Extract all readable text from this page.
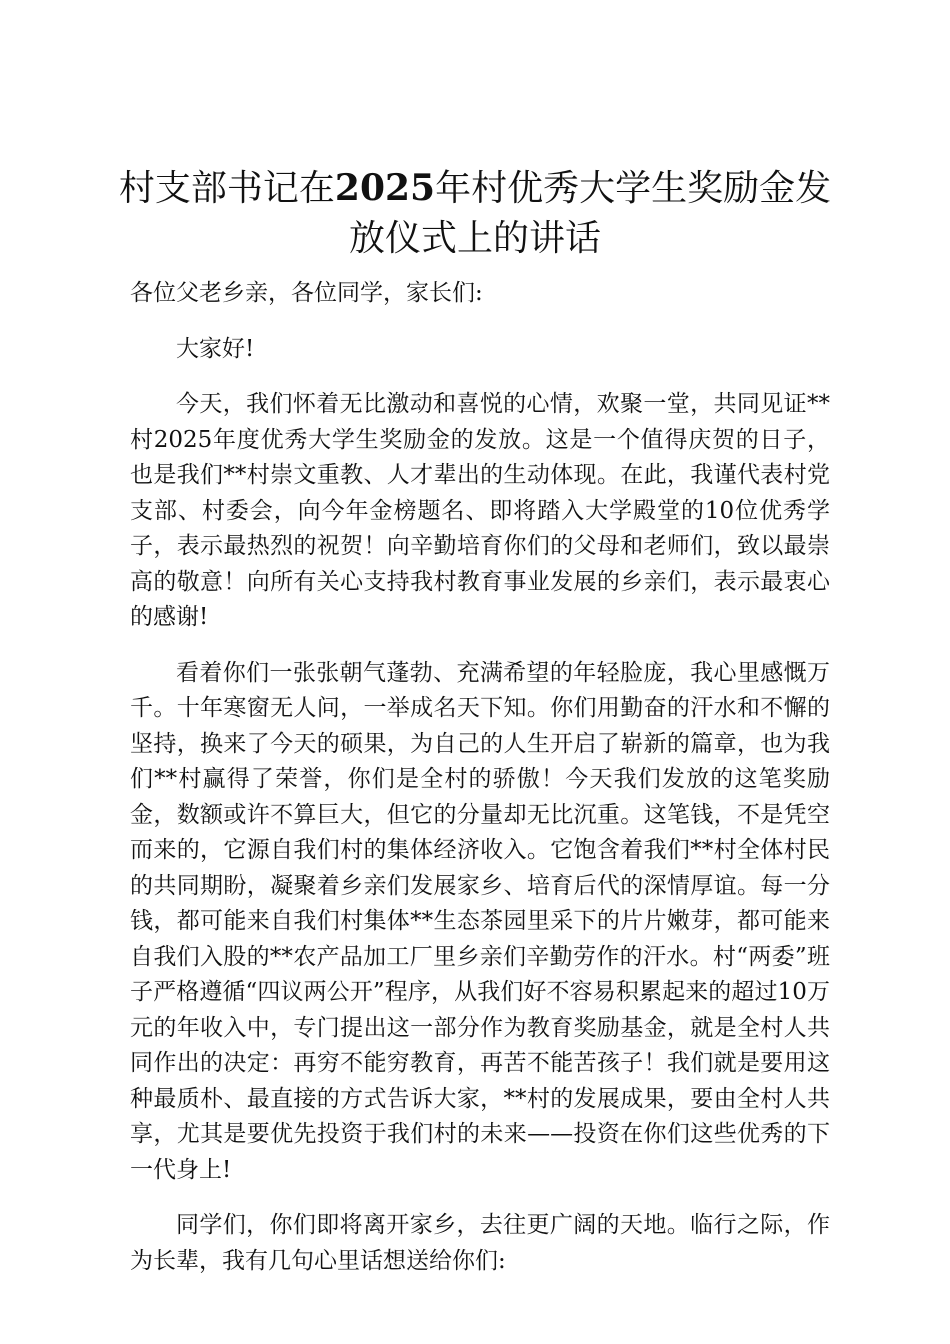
村支部书记在2025年村优秀大学生奖励金发放仪式上的讲话

各位父老乡亲，各位同学，家长们:

大家好!

今天，我们怀着无比激动和喜悦的心情，欢聚一堂，共同见证**村2025年度优秀大学生奖励金的发放。这是一个值得庆贺的日子，也是我们**村崇文重教、人才辈出的生动体现。在此，我谨代表村党支部、村委会，向今年金榜题名、即将踏入大学殿堂的10位优秀学子，表示最热烈的祝贺！向辛勤培育你们的父母和老师们，致以最崇高的敬意！向所有关心支持我村教育事业发展的乡亲们，表示最衷心的感谢!

看着你们一张张朝气蓬勃、充满希望的年轻脸庞，我心里感慨万千。十年寒窗无人问，一举成名天下知。你们用勤奋的汗水和不懈的坚持，换来了今天的硕果，为自己的人生开启了崭新的篇章，也为我们**村赢得了荣誉，你们是全村的骄傲！今天我们发放的这笔奖励金，数额或许不算巨大，但它的分量却无比沉重。这笔钱，不是凭空而来的，它源自我们村的集体经济收入。它饱含着我们**村全体村民的共同期盼，凝聚着乡亲们发展家乡、培育后代的深情厚谊。每一分钱，都可能来自我们村集体**生态茶园里采下的片片嫩芽，都可能来自我们入股的**农产品加工厂里乡亲们辛勤劳作的汗水。村“两委”班子严格遵循“四议两公开”程序，从我们好不容易积累起来的超过10万元的年收入中，专门提出这一部分作为教育奖励基金，就是全村人共同作出的决定：再穷不能穷教育，再苦不能苦孩子！我们就是要用这种最质朴、最直接的方式告诉大家，**村的发展成果，要由全村人共享，尤其是要优先投资于我们村的未来——投资在你们这些优秀的下一代身上!

同学们，你们即将离开家乡，去往更广阔的天地。临行之际，作为长辈，我有几句心里话想送给你们:
